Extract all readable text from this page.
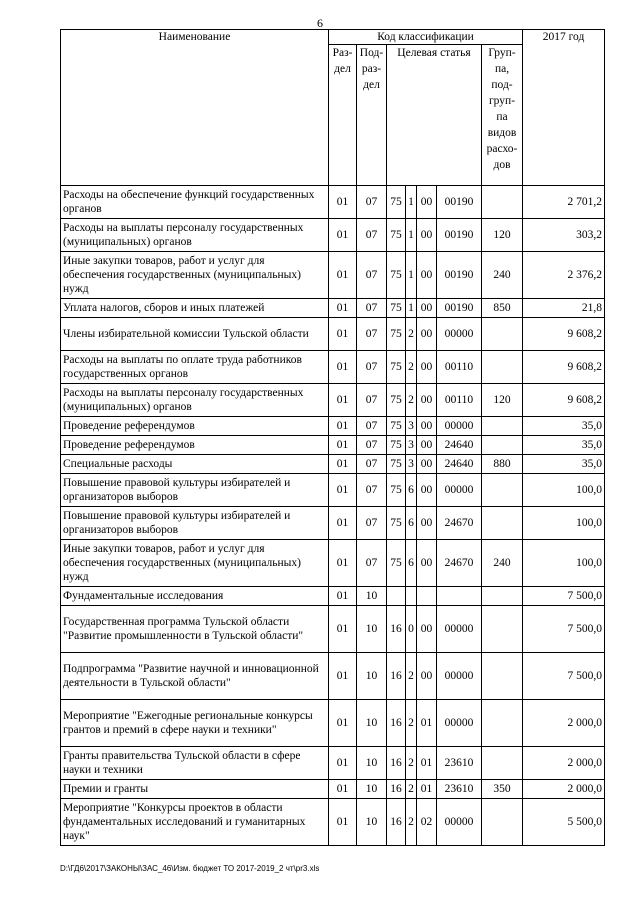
6
Наименование	Код классификации							2017 год
	Раз-дел	Под-раз-дел	Целевая статья				Груп-па, под-груп-па видов расхо-дов	
Расходы на обеспечение функций государственных органов	01	07	75	1	00	00190		2 701,2
Расходы на выплаты персоналу государственных (муниципальных) органов	01	07	75	1	00	00190	120	303,2
Иные закупки товаров, работ и услуг для обеспечения государственных (муниципальных) нужд	01	07	75	1	00	00190	240	2 376,2
Уплата налогов, сборов и иных платежей	01	07	75	1	00	00190	850	21,8
Члены избирательной комиссии Тульской области	01	07	75	2	00	00000		9 608,2
Расходы на выплаты по оплате труда работников государственных органов	01	07	75	2	00	00110		9 608,2
Расходы на выплаты персоналу государственных (муниципальных) органов	01	07	75	2	00	00110	120	9 608,2
Проведение референдумов	01	07	75	3	00	00000		35,0
Проведение референдумов	01	07	75	3	00	24640		35,0
Специальные расходы	01	07	75	3	00	24640	880	35,0
Повышение правовой культуры избирателей и организаторов выборов	01	07	75	6	00	00000		100,0
Повышение правовой культуры избирателей и организаторов выборов	01	07	75	6	00	24670		100,0
Иные закупки товаров, работ и услуг для обеспечения государственных (муниципальных) нужд	01	07	75	6	00	24670	240	100,0
Фундаментальные исследования	01	10						7 500,0
Государственная программа Тульской области "Развитие промышленности в Тульской области"	01	10	16	0	00	00000		7 500,0
Подпрограмма "Развитие научной и инновационной деятельности в Тульской области"	01	10	16	2	00	00000		7 500,0
Мероприятие "Ежегодные региональные конкурсы грантов и премий в сфере науки и техники"	01	10	16	2	01	00000		2 000,0
Гранты правительства Тульской области в сфере науки и техники	01	10	16	2	01	23610		2 000,0
Премии и гранты	01	10	16	2	01	23610	350	2 000,0
Мероприятие "Конкурсы проектов в области фундаментальных исследований и гуманитарных наук"	01	10	16	2	02	00000		5 500,0
D:\ГД6\2017\ЗАКОНЫ\ЗАС_46\Изм. бюджет ТО 2017-2019_2 чт\pr3.xls
